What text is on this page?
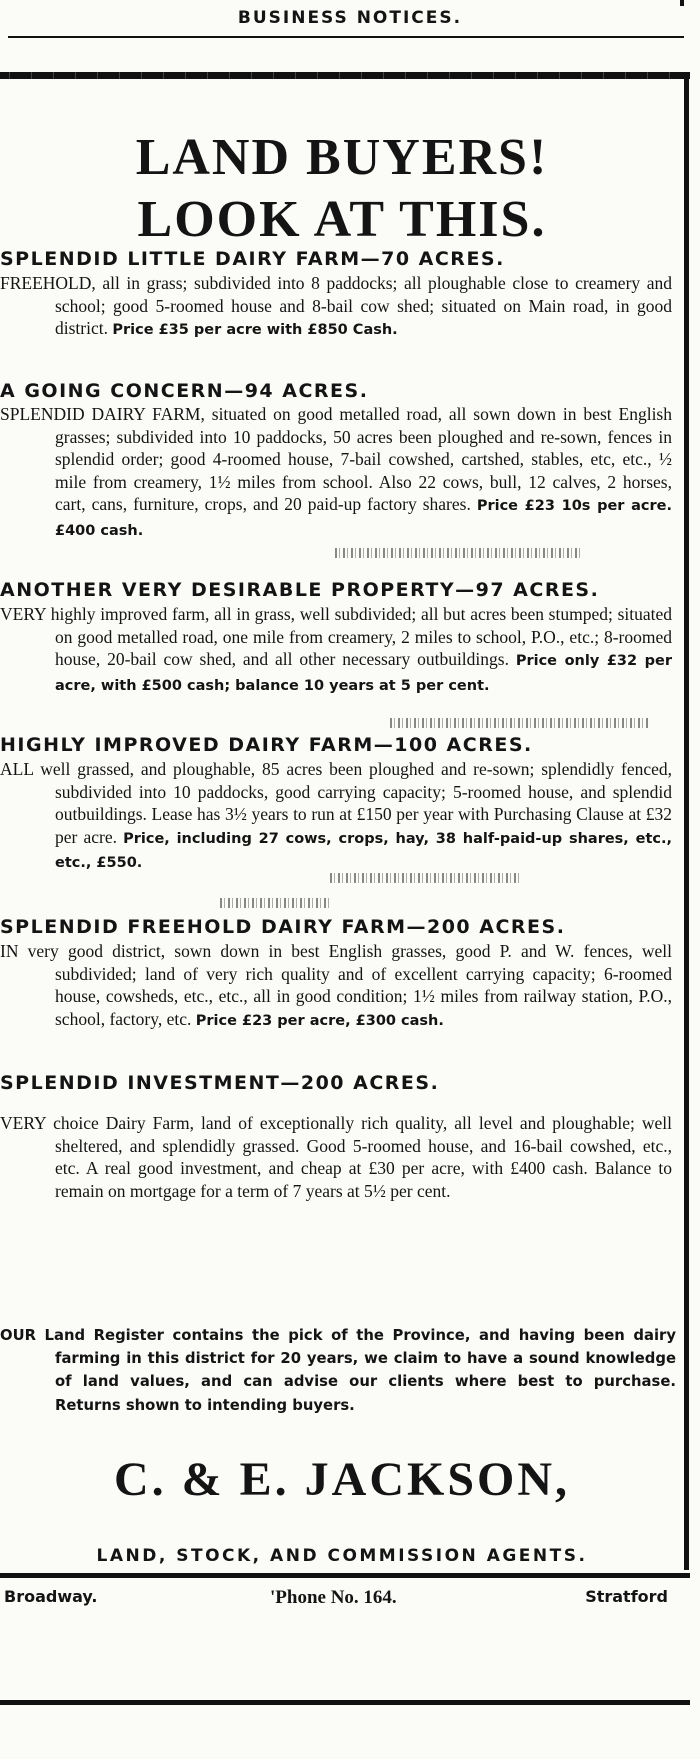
BUSINESS NOTICES.
LAND BUYERS!
LOOK AT THIS.
SPLENDID LITTLE DAIRY FARM—70 ACRES.
FREEHOLD, all in grass; subdivided into 8 paddocks; all ploughable close to creamery and school; good 5-roomed house and 8-bail cow shed; situated on Main road, in good district. Price £35 per acre with £850 Cash.
A GOING CONCERN—94 ACRES.
SPLENDID DAIRY FARM, situated on good metalled road, all sown down in best English grasses; subdivided into 10 paddocks, 50 acres been ploughed and re-sown, fences in splendid order; good 4-roomed house, 7-bail cowshed, cartshed, stables, etc, etc., ½ mile from creamery, 1½ miles from school. Also 22 cows, bull, 12 calves, 2 horses, cart, cans, furniture, crops, and 20 paid-up factory shares. Price £23 10s per acre. £400 cash.
ANOTHER VERY DESIRABLE PROPERTY—97 ACRES.
VERY highly improved farm, all in grass, well subdivided; all but acres been stumped; situated on good metalled road, one mile from creamery, 2 miles to school, P.O., etc.; 8-roomed house, 20-bail cow shed, and all other necessary outbuildings. Price only £32 per acre, with £500 cash; balance 10 years at 5 per cent.
HIGHLY IMPROVED DAIRY FARM—100 ACRES.
ALL well grassed, and ploughable, 85 acres been ploughed and re-sown; splendidly fenced, subdivided into 10 paddocks, good carrying capacity; 5-roomed house, and splendid outbuildings. Lease has 3½ years to run at £150 per year with Purchasing Clause at £32 per acre. Price, including 27 cows, crops, hay, 38 half-paid-up shares, etc., etc., £550.
SPLENDID FREEHOLD DAIRY FARM—200 ACRES.
IN very good district, sown down in best English grasses, good P. and W. fences, well subdivided; land of very rich quality and of excellent carrying capacity; 6-roomed house, cowsheds, etc., etc., all in good condition; 1½ miles from railway station, P.O., school, factory, etc. Price £23 per acre, £300 cash.
SPLENDID INVESTMENT—200 ACRES.
VERY choice Dairy Farm, land of exceptionally rich quality, all level and ploughable; well sheltered, and splendidly grassed. Good 5-roomed house, and 16-bail cowshed, etc., etc. A real good investment, and cheap at £30 per acre, with £400 cash. Balance to remain on mortgage for a term of 7 years at 5½ per cent.
OUR Land Register contains the pick of the Province, and having been dairy farming in this district for 20 years, we claim to have a sound knowledge of land values, and can advise our clients where best to purchase. Returns shown to intending buyers.
C. & E. JACKSON,
LAND, STOCK, AND COMMISSION AGENTS.
Broadway.	'Phone No. 164.	Stratford
